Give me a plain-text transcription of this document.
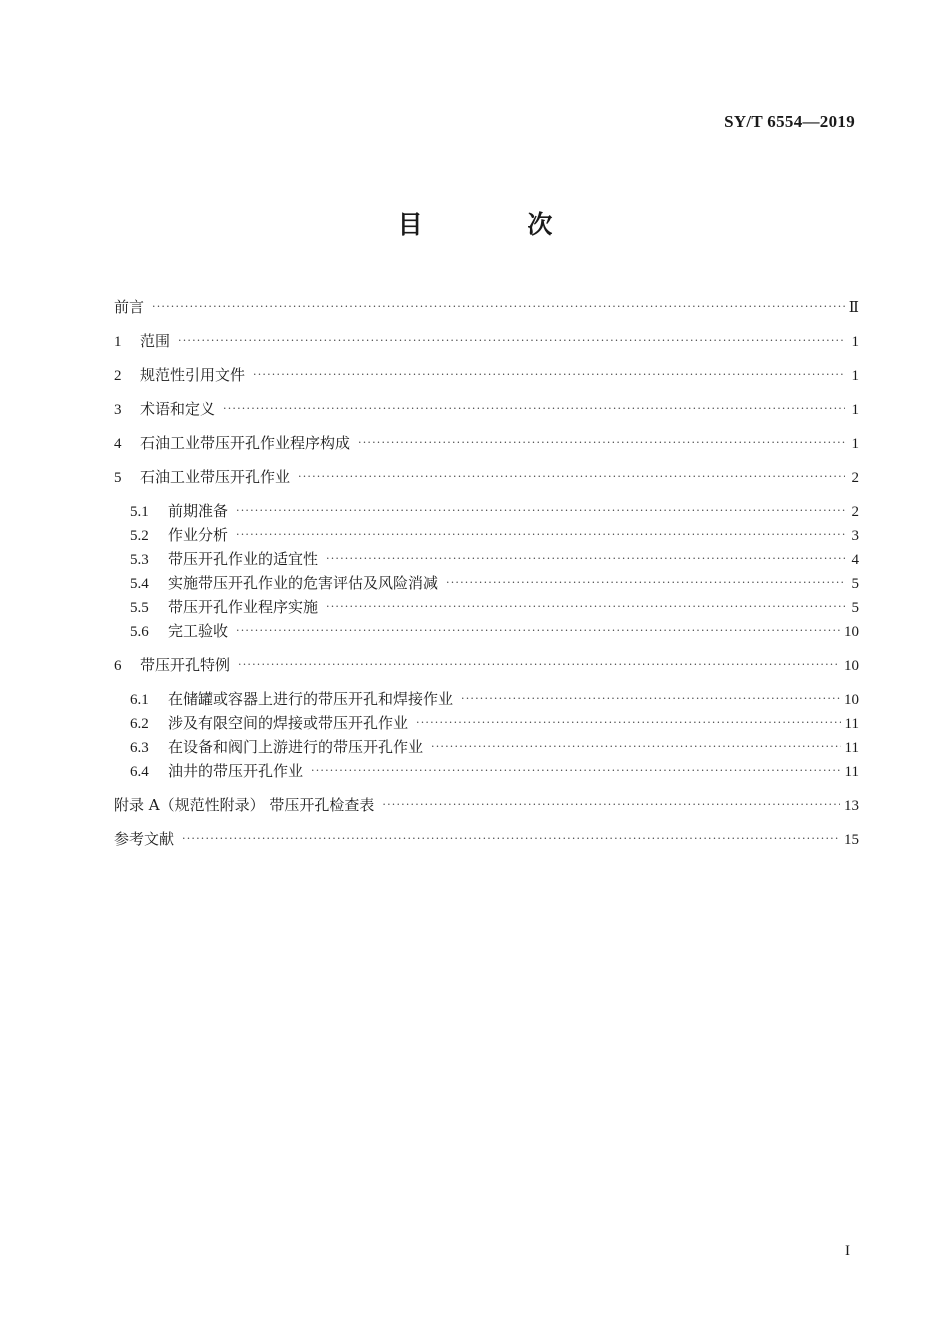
SY/T 6554—2019
目 次
前言 ·····	Ⅱ
1	范围 ·····	1
2	规范性引用文件 ·····	1
3	术语和定义 ·····	1
4	石油工业带压开孔作业程序构成 ·····	1
5	石油工业带压开孔作业 ·····	2
5.1	前期准备 ·····	2
5.2	作业分析 ·····	3
5.3	带压开孔作业的适宜性 ·····	4
5.4	实施带压开孔作业的危害评估及风险消减 ·····	5
5.5	带压开孔作业程序实施 ·····	5
5.6	完工验收 ·····	10
6	带压开孔特例 ·····	10
6.1	在储罐或容器上进行的带压开孔和焊接作业 ·····	10
6.2	涉及有限空间的焊接或带压开孔作业 ·····	11
6.3	在设备和阀门上游进行的带压开孔作业 ·····	11
6.4	油井的带压开孔作业 ·····	11
附录 A（规范性附录） 带压开孔检查表 ·····	13
参考文献 ·····	15
I
